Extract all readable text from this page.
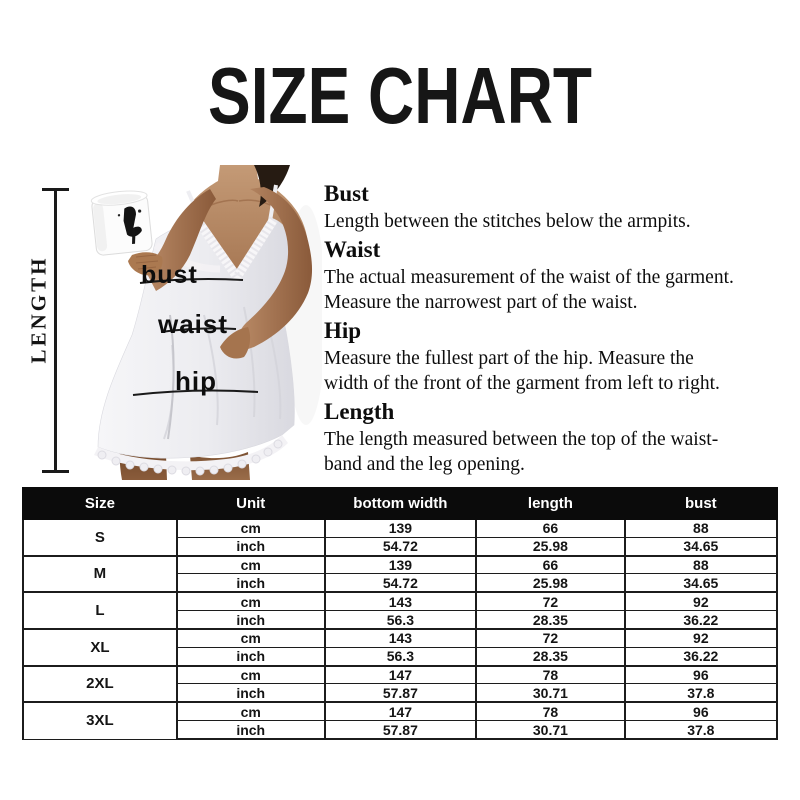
SIZE CHART
LENGTH	bust
waist
hip
Bust
Length between the stitches below the armpits.
Waist
The actual measurement of the waist of the garment.
Measure the narrowest part of the waist.
Hip
Measure the fullest part of the hip. Measure the
width of the front of the garment from left to right.
Length
The length measured between the top of the waist-
band and the leg opening.
Size	Unit	bottom width	length	bust
S	cm	139	66	88
	inch	54.72	25.98	34.65
M	cm	139	66	88
	inch	54.72	25.98	34.65
L	cm	143	72	92
	inch	56.3	28.35	36.22
XL	cm	143	72	92
	inch	56.3	28.35	36.22
2XL	cm	147	78	96
	inch	57.87	30.71	37.8
3XL	cm	147	78	96
	inch	57.87	30.71	37.8
